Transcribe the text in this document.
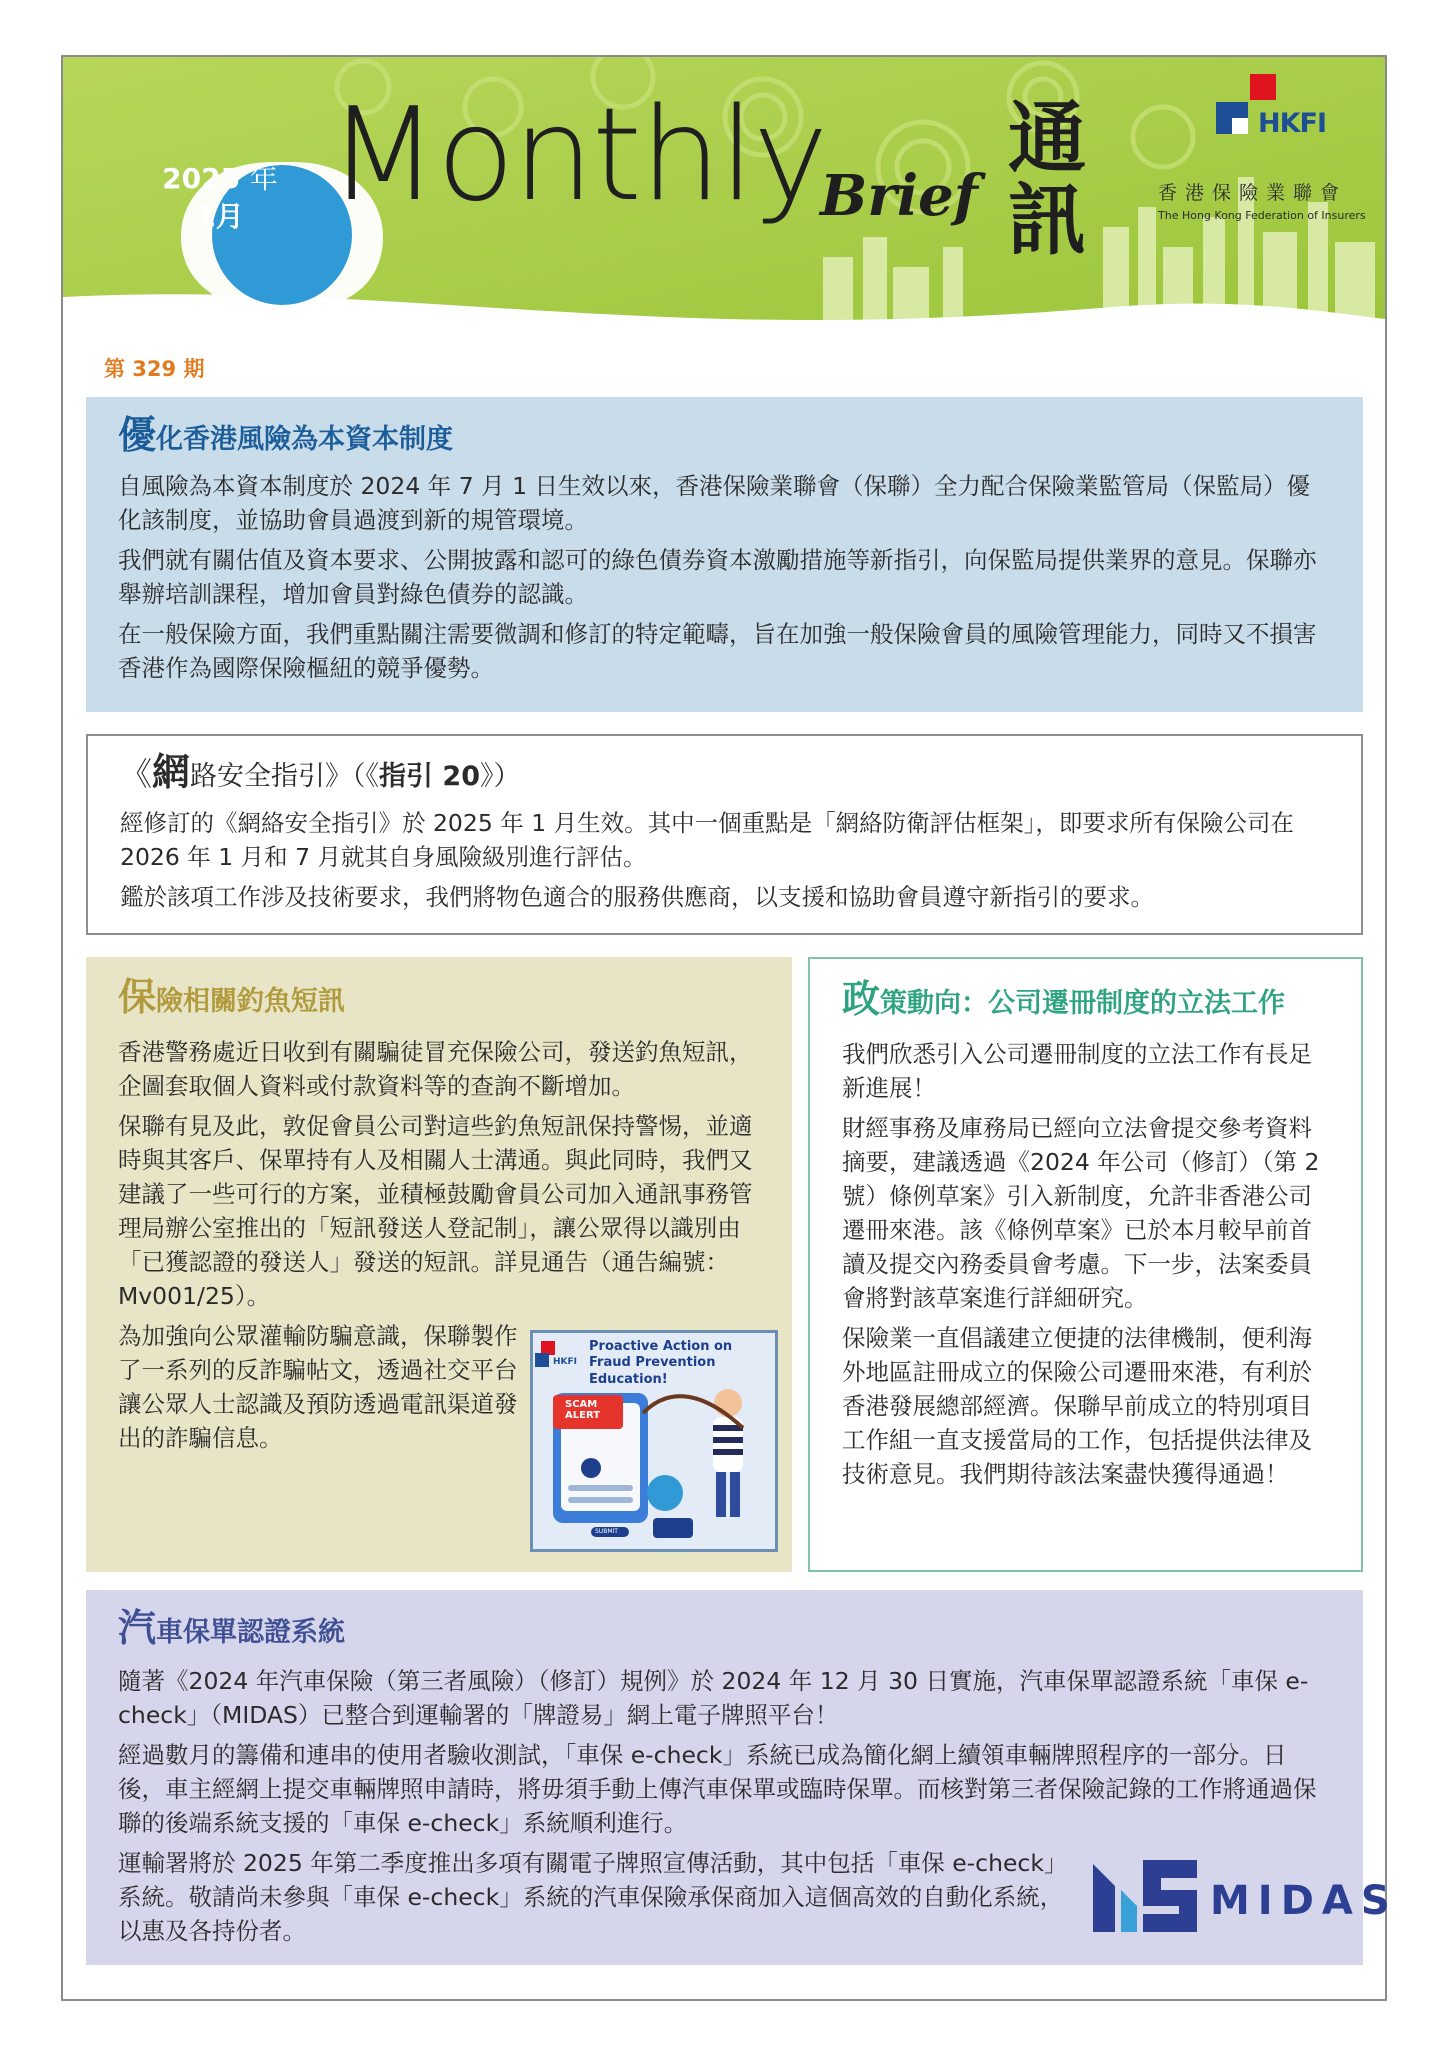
2025 年
1月 Monthly
Brief
通訊
HKFI
香港保險業聯會
The Hong Kong Federation of Insurers
第 329 期
優化香港風險為本資本制度

自風險為本資本制度於 2024 年 7 月 1 日生效以來，香港保險業聯會（保聯）全力配合保險業監管局（保監局）優化該制度，並協助會員過渡到新的規管環境。

我們就有關估值及資本要求、公開披露和認可的綠色債券資本激勵措施等新指引，向保監局提供業界的意見。保聯亦舉辦培訓課程，增加會員對綠色債券的認識。

在一般保險方面，我們重點關注需要微調和修訂的特定範疇，旨在加強一般保險會員的風險管理能力，同時又不損害香港作為國際保險樞紐的競爭優勢。

《網路安全指引》（《指引 20》）

經修訂的《網絡安全指引》於 2025 年 1 月生效。其中一個重點是「網絡防衛評估框架」，即要求所有保險公司在 2026 年 1 月和 7 月就其自身風險級別進行評估。

鑑於該項工作涉及技術要求，我們將物色適合的服務供應商，以支援和協助會員遵守新指引的要求。

保險相關釣魚短訊

香港警務處近日收到有關騙徒冒充保險公司，發送釣魚短訊，企圖套取個人資料或付款資料等的查詢不斷增加。

保聯有見及此，敦促會員公司對這些釣魚短訊保持警惕，並適時與其客戶、保單持有人及相關人士溝通。與此同時，我們又建議了一些可行的方案，並積極鼓勵會員公司加入通訊事務管理局辦公室推出的「短訊發送人登記制」，讓公眾得以識別由「已獲認證的發送人」發送的短訊。詳見通告（通告編號：Mv001/25）。

為加強向公眾灌輸防騙意識，保聯製作了一系列的反詐騙帖文，透過社交平台讓公眾人士認識及預防透過電訊渠道發出的詐騙信息。

Proactive Action on Fraud Prevention Education!
HKFI
SCAM ALERT
SUBMIT
政策動向：公司遷冊制度的立法工作

我們欣悉引入公司遷冊制度的立法工作有長足新進展！

財經事務及庫務局已經向立法會提交參考資料摘要，建議透過《2024 年公司（修訂）（第 2 號）條例草案》引入新制度，允許非香港公司遷冊來港。該《條例草案》已於本月較早前首讀及提交內務委員會考慮。下一步，法案委員會將對該草案進行詳細研究。

保險業一直倡議建立便捷的法律機制，便利海外地區註冊成立的保險公司遷冊來港，有利於香港發展總部經濟。保聯早前成立的特別項目工作組一直支援當局的工作，包括提供法律及技術意見。我們期待該法案盡快獲得通過！

汽車保單認證系統

隨著《2024 年汽車保險（第三者風險）（修訂）規例》於 2024 年 12 月 30 日實施，汽車保單認證系統「車保 e-check」（MIDAS）已整合到運輸署的「牌證易」網上電子牌照平台！

經過數月的籌備和連串的使用者驗收測試，「車保 e-check」系統已成為簡化網上續領車輛牌照程序的一部分。日後，車主經網上提交車輛牌照申請時，將毋須手動上傳汽車保單或臨時保單。而核對第三者保險記錄的工作將通過保聯的後端系統支援的「車保 e-check」系統順利進行。

運輸署將於 2025 年第二季度推出多項有關電子牌照宣傳活動，其中包括「車保 e-check」系統。敬請尚未參與「車保 e-check」系統的汽車保險承保商加入這個高效的自動化系統，以惠及各持份者。

MIDAS
